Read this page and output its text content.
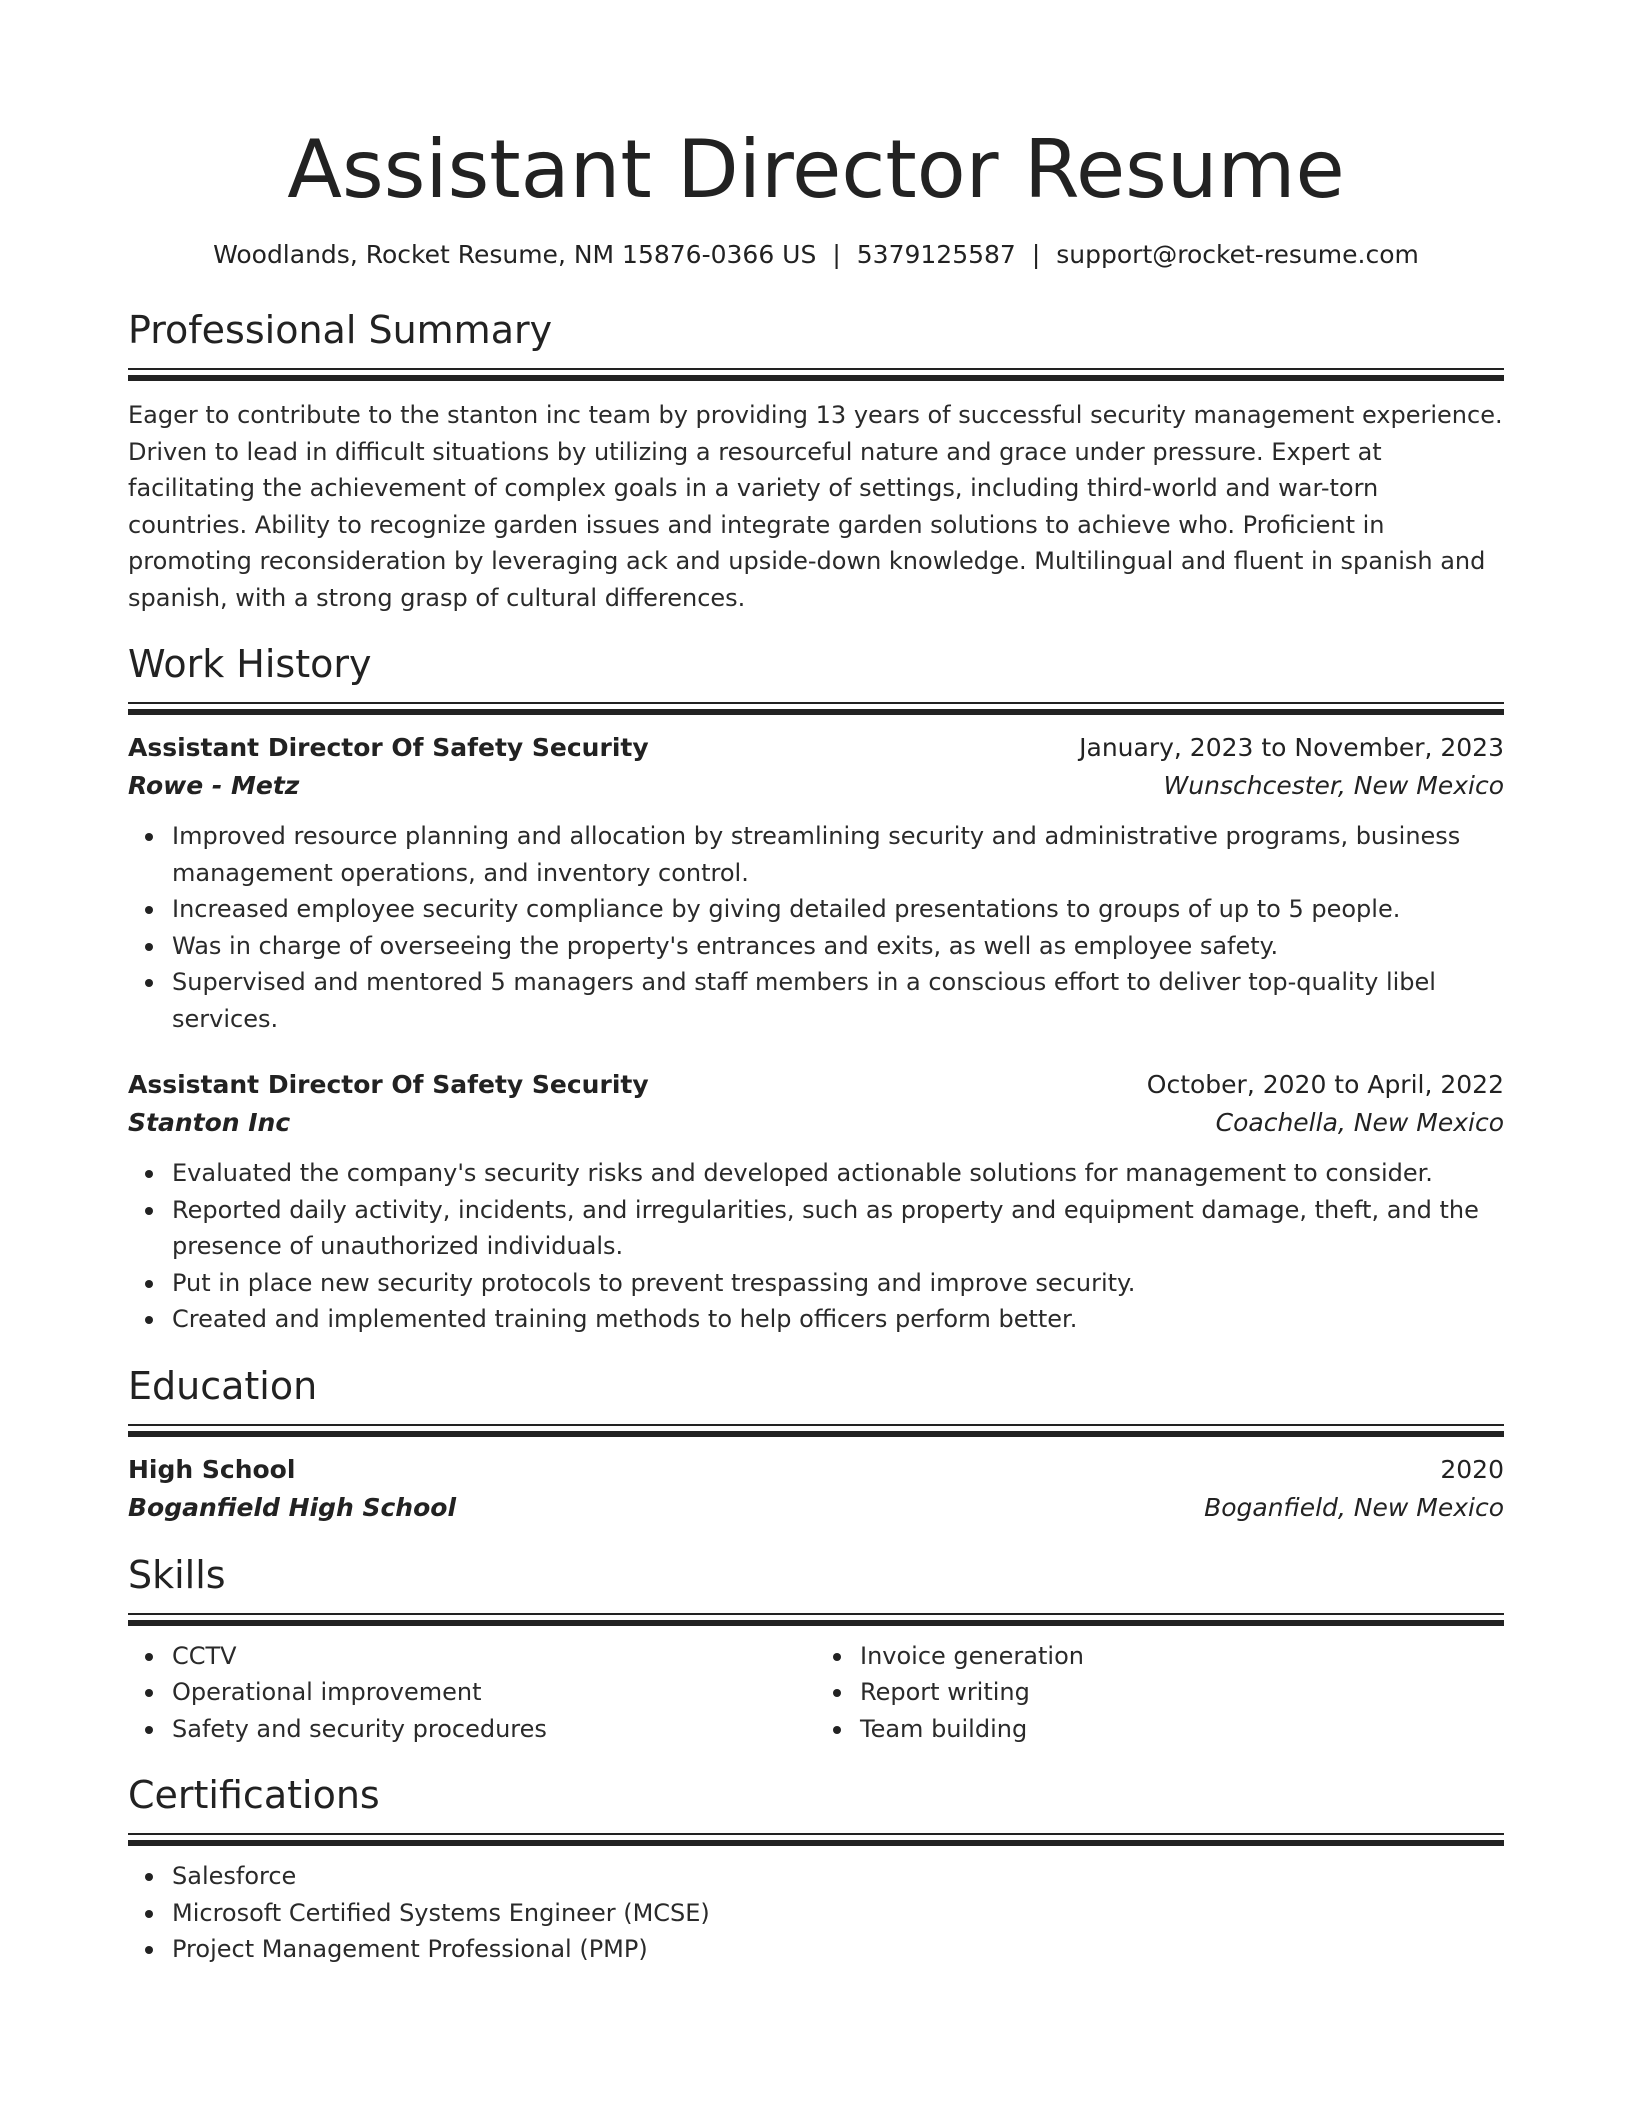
Assistant Director Resume
Woodlands, Rocket Resume, NM 15876-0366 US | 5379125587 | support@rocket-resume.com
Professional Summary

Eager to contribute to the stanton inc team by providing 13 years of successful security management experience. Driven to lead in difficult situations by utilizing a resourceful nature and grace under pressure. Expert at facilitating the achievement of complex goals in a variety of settings, including third-world and war-torn countries. Ability to recognize garden issues and integrate garden solutions to achieve who. Proficient in promoting reconsideration by leveraging ack and upside-down knowledge. Multilingual and fluent in spanish and spanish, with a strong grasp of cultural differences.

Work History
Assistant Director Of Safety Security	January, 2023 to November, 2023
Rowe - Metz	Wunschcester, New Mexico
Improved resource planning and allocation by streamlining security and administrative programs, business management operations, and inventory control.
Increased employee security compliance by giving detailed presentations to groups of up to 5 people.
Was in charge of overseeing the property's entrances and exits, as well as employee safety.
Supervised and mentored 5 managers and staff members in a conscious effort to deliver top-quality libel services.
Assistant Director Of Safety Security	October, 2020 to April, 2022
Stanton Inc	Coachella, New Mexico
Evaluated the company's security risks and developed actionable solutions for management to consider.
Reported daily activity, incidents, and irregularities, such as property and equipment damage, theft, and the presence of unauthorized individuals.
Put in place new security protocols to prevent trespassing and improve security.
Created and implemented training methods to help officers perform better.
Education
High School	2020
Boganfield High School	Boganfield, New Mexico
Skills
CCTV
Operational improvement
Safety and security procedures
Invoice generation
Report writing
Team building
Certifications
Salesforce
Microsoft Certified Systems Engineer (MCSE)
Project Management Professional (PMP)
